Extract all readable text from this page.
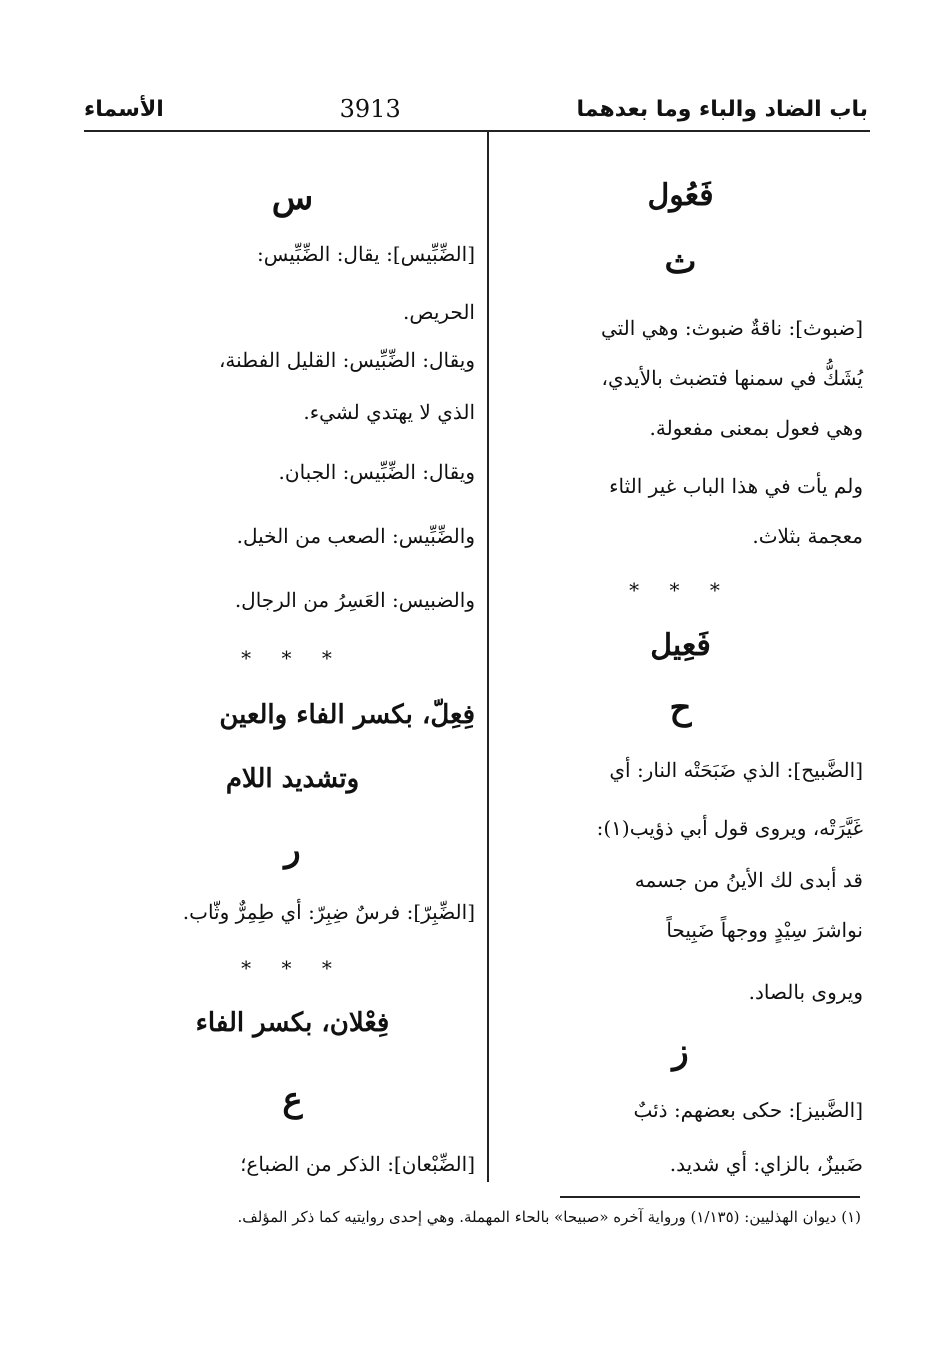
الأسماء	3913	باب الضاد والباء وما بعدهما
فَعُول
ث
[ضبوث]: ناقةٌ ضبوث: وهي التي
يُشَكُّ في سمنها فتضبث بالأيدي،
وهي فعول بمعنى مفعولة.
ولم يأت في هذا الباب غير الثاء
معجمة بثلاث.
* * *
فَعِيل
ح
[الضَّبيح]: الذي ضَبَحَتْه النار: أي
غَيَّرَتْه، ويروى قول أبي ذؤيب(١):
قد أبدى لك الأينُ من جسمه
نواشرَ سِيْدٍ ووجهاً ضَبِيحاً
ويروى بالصاد.
ز
[الضَّبيز]: حكى بعضهم: ذئبٌ
ضَبيزٌ، بالزاي: أي شديد.
س
[الضِّبِّيس]: يقال: الضِّبِّيس:
الحريص.
ويقال: الضِّبِّيس: القليل الفطنة،
الذي لا يهتدي لشيء.
ويقال: الضِّبِّيس: الجبان.
والضِّبِّيس: الصعب من الخيل.
والضبيس: العَسِرُ من الرجال.
* * *
فِعِلّ، بكسر الفاء والعين
وتشديد اللام
ر
[الضِّبِرّ]: فرسٌ ضِبِرّ: أي طِمِرٌّ وثّاب.
* * *
فِعْلان، بكسر الفاء
ع
[الضِّبْعان]: الذكر من الضباع؛
(١) ديوان الهذليين: (١/١٣٥) ورواية آخره «صبيحا» بالحاء المهملة. وهي إحدى روايتيه كما ذكر المؤلف.
